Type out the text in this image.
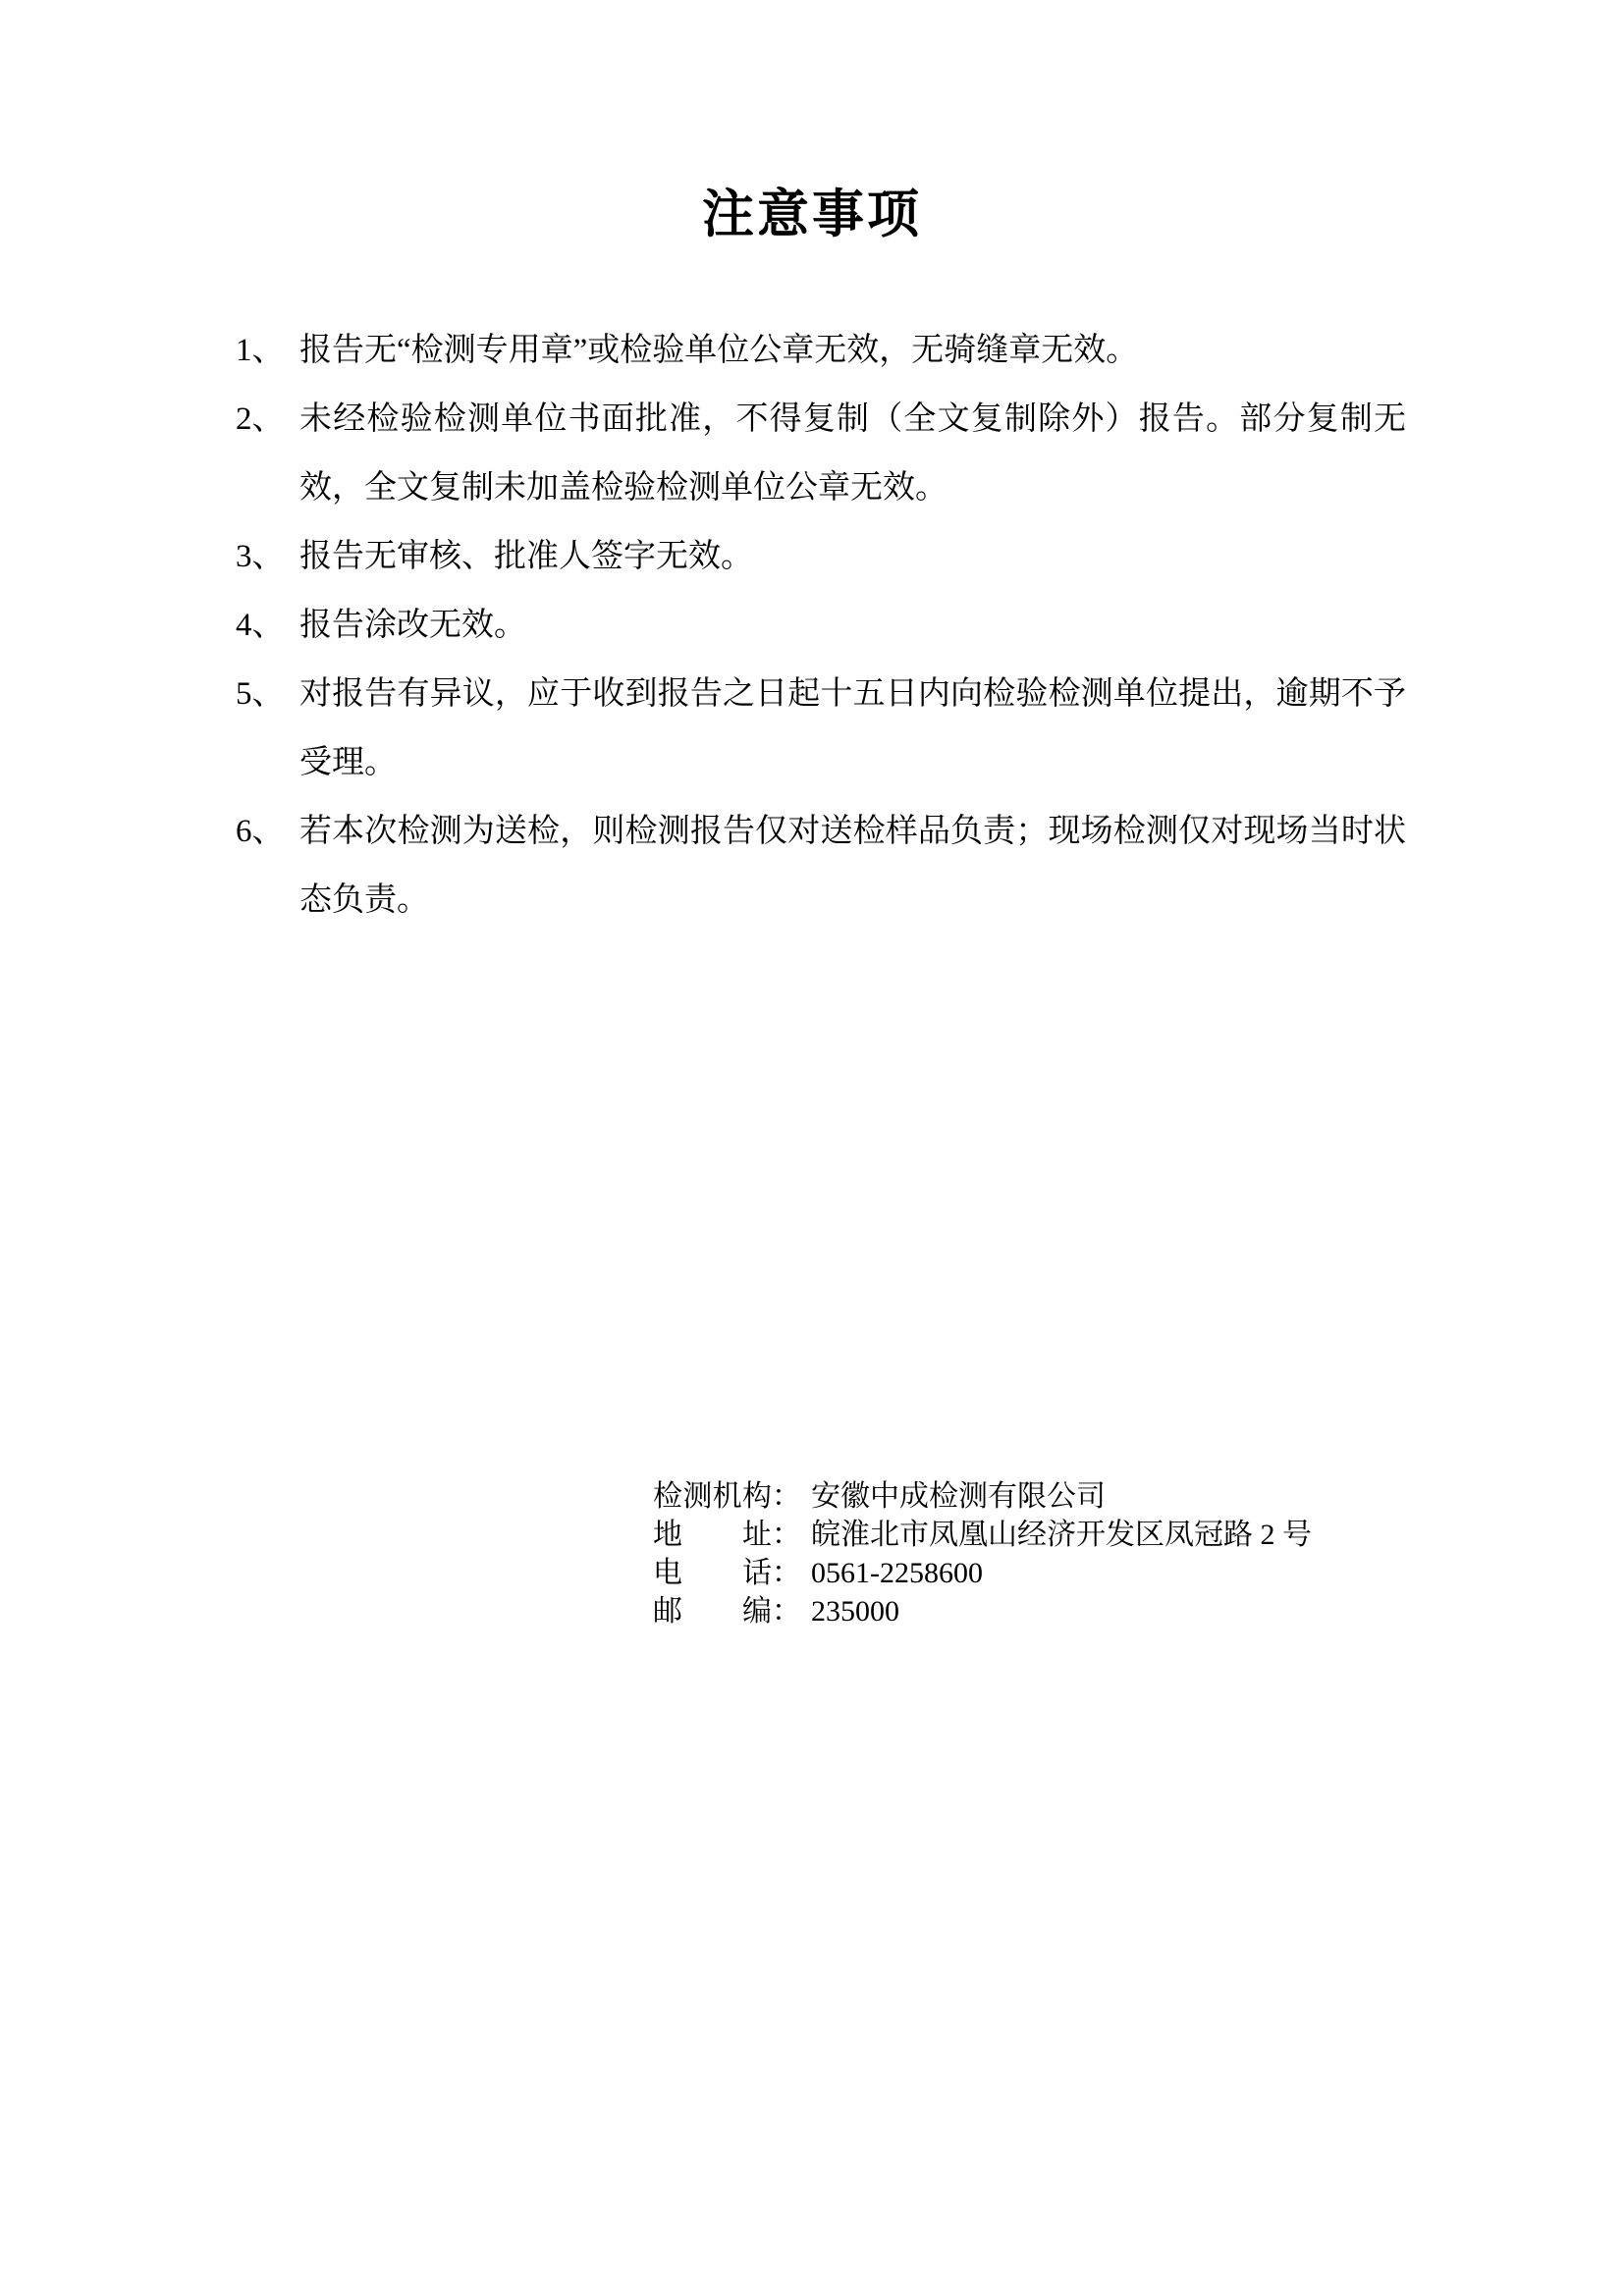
注意事项
1、 报告无“检测专用章”或检验单位公章无效，无骑缝章无效。
2、 未经检验检测单位书面批准，不得复制（全文复制除外）报告。部分复制无效，全文复制未加盖检验检测单位公章无效。
3、 报告无审核、批准人签字无效。
4、 报告涂改无效。
5、 对报告有异议，应于收到报告之日起十五日内向检验检测单位提出，逾期不予受理。
6、 若本次检测为送检，则检测报告仅对送检样品负责；现场检测仅对现场当时状态负责。
检测机构： 安徽中成检测有限公司
地址： 皖淮北市凤凰山经济开发区凤冠路 2 号
电话： 0561-2258600
邮编： 235000
